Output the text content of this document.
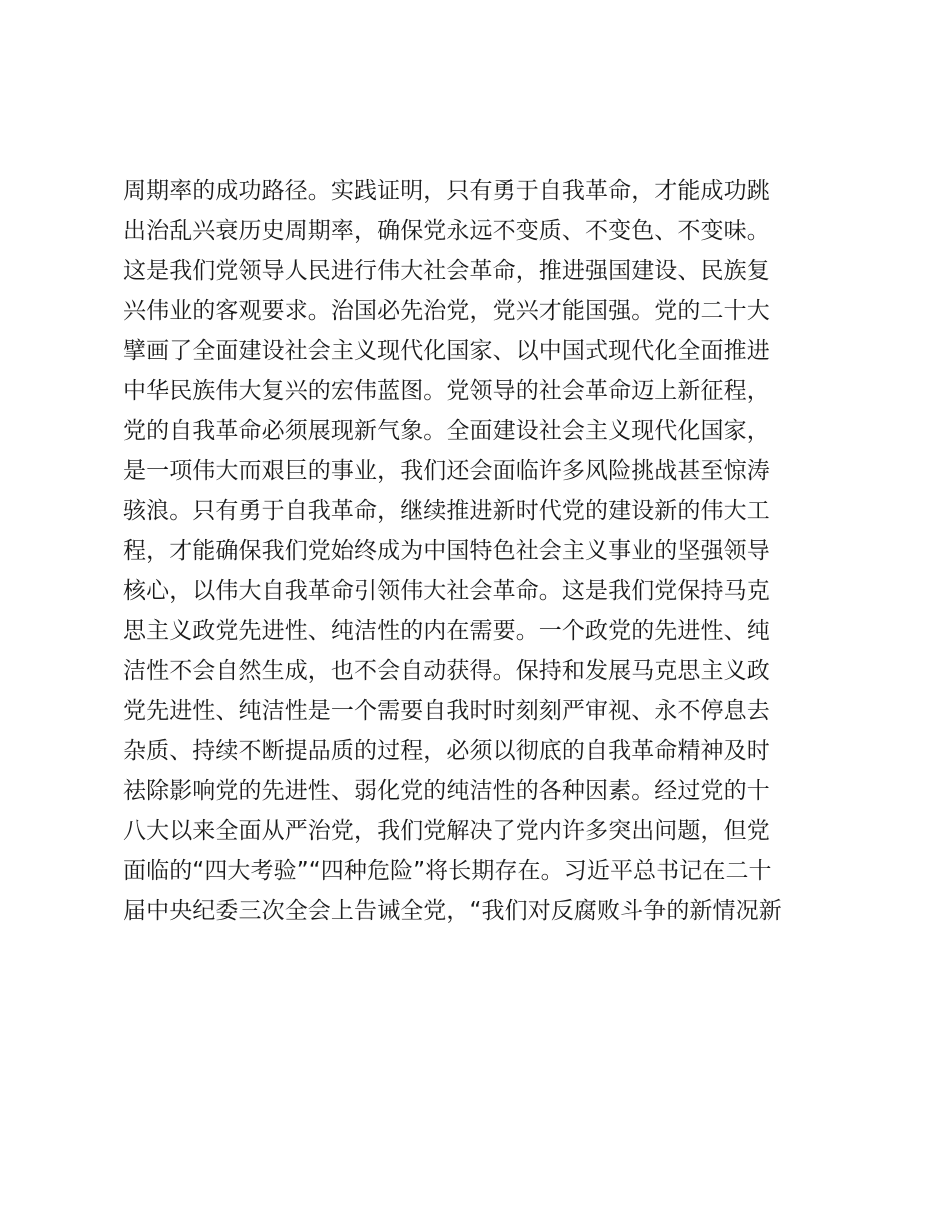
周期率的成功路径。实践证明，只有勇于自我革命，才能成功跳
出治乱兴衰历史周期率，确保党永远不变质、不变色、不变味。
这是我们党领导人民进行伟大社会革命，推进强国建设、民族复
兴伟业的客观要求。治国必先治党，党兴才能国强。党的二十大
擘画了全面建设社会主义现代化国家、以中国式现代化全面推进
中华民族伟大复兴的宏伟蓝图。党领导的社会革命迈上新征程，
党的自我革命必须展现新气象。全面建设社会主义现代化国家，
是一项伟大而艰巨的事业，我们还会面临许多风险挑战甚至惊涛
骇浪。只有勇于自我革命，继续推进新时代党的建设新的伟大工
程，才能确保我们党始终成为中国特色社会主义事业的坚强领导
核心，以伟大自我革命引领伟大社会革命。这是我们党保持马克
思主义政党先进性、纯洁性的内在需要。一个政党的先进性、纯
洁性不会自然生成，也不会自动获得。保持和发展马克思主义政
党先进性、纯洁性是一个需要自我时时刻刻严审视、永不停息去
杂质、持续不断提品质的过程，必须以彻底的自我革命精神及时
祛除影响党的先进性、弱化党的纯洁性的各种因素。经过党的十
八大以来全面从严治党，我们党解决了党内许多突出问题，但党
面临的“四大考验”“四种危险”将长期存在。习近平总书记在二十
届中央纪委三次全会上告诫全党，“我们对反腐败斗争的新情况新
